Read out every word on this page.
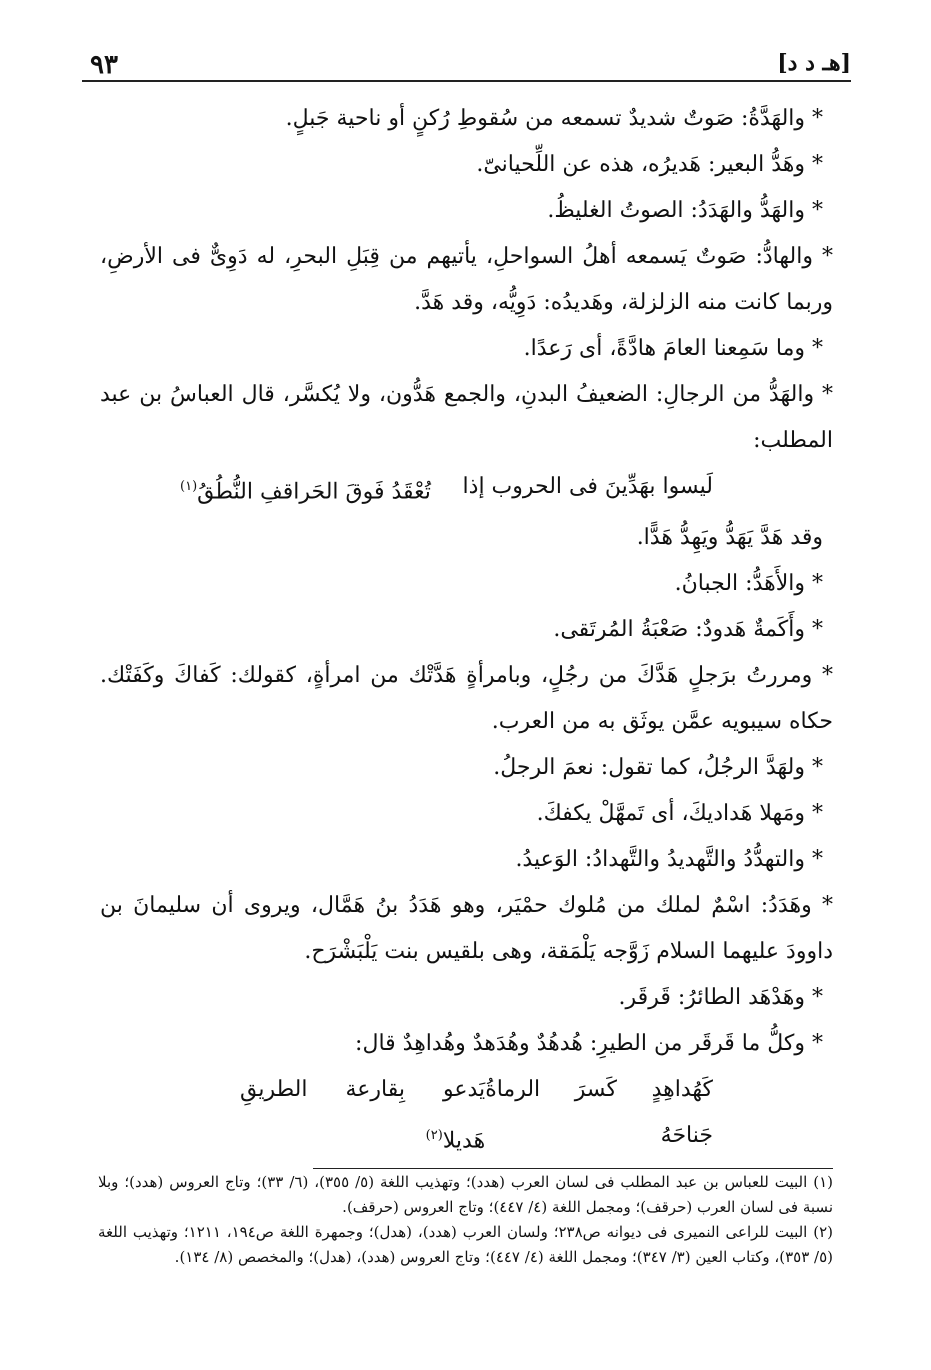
[هـ د د]
٩٣

* والهَدَّةُ: صَوتٌ شديدٌ تسمعه من سُقوطِ رُكنٍ أو ناحية جَبلٍ.

* وهَدُّ البعير: هَديرُه، هذه عن اللِّحيانىّ.

* والهَدُّ والهَدَدُ: الصوتُ الغليظُ.

* والهادُّ: صَوتٌ يَسمعه أهلُ السواحلِ، يأتيهم من قِبَلِ البحرِ، له دَوِىٌّ فى الأرضِ، وربما كانت منه الزلزلة، وهَديدُه: دَوِيُّه، وقد هَدَّ.

* وما سَمِعنا العامَ هادَّةً، أى رَعدًا.

* والهَدُّ من الرجالِ: الضعيفُ البدنِ، والجمع هَدُّون، ولا يُكسَّر، قال العباسُ بن عبد المطلب:

لَيسوا بهَدِّينَ فى الحروب إذا
تُعْقَدُ فَوقَ الحَراقفِ النُّطُقُ$^{(١)}$

وقد هَدَّ يَهَدُّ ويَهِدُّ هَدًّا.

* والأَهَدُّ: الجبانُ.

* وأَكَمةٌ هَدودٌ: صَعْبَةُ المُرتَقى.

* ومررتُ برَجلٍ هَدَّكَ من رجُلٍ، وبامرأةٍ هَدَّتْك من امرأةٍ، كقولك: كَفاكَ وكَفَتْك. حكاه سيبويه عمَّن يوثَق به من العرب.

* ولهَدَّ الرجُلُ، كما تقول: نعمَ الرجلُ.

* ومَهلا هَداديكَ، أى تَمهَّلْ يكفكَ.

* والتهدُّدُ والتَّهديدُ والتَّهدادُ: الوَعيدُ.

* وهَدَدُ: اسْمٌ لملك من مُلوك حمْيَر، وهو هَدَدُ بنُ هَمَّال، ويروى أن سليمانَ بن داوودَ عليهما السلام زَوَّجه يَلْمَقة، وهى بلقيس بنت يَلْبَشْرَح.

* وهَدْهَد الطائرُ: قَرقَر.

* وكلُّ ما قَرقَر من الطيرِ: هُدهُدٌ وهُدَهدٌ وهُداهِدٌ قال:

كَهُداهِدٍ كَسرَ الرماةُ جَناحَهُ
يَدعو بِقارعة الطريقِ هَديلا$^{(٢)}$

(١) البيت للعباس بن عبد المطلب فى لسان العرب (هدد)؛ وتهذيب اللغة (٥/ ٣٥٥)، (٦/ ٣٣)؛ وتاج العروس (هدد)؛ وبلا نسبة فى لسان العرب (حرقف)؛ ومجمل اللغة (٤/ ٤٤٧)؛ وتاج العروس (حرقف).

(٢) البيت للراعى النميرى فى ديوانه ص٢٣٨؛ ولسان العرب (هدد)، (هدل)؛ وجمهرة اللغة ص١٩٤، ١٢١١؛ وتهذيب اللغة (٥/ ٣٥٣)، وكتاب العين (٣/ ٣٤٧)؛ ومجمل اللغة (٤/ ٤٤٧)؛ وتاج العروس (هدد)، (هدل)؛ والمخصص (٨/ ١٣٤).
